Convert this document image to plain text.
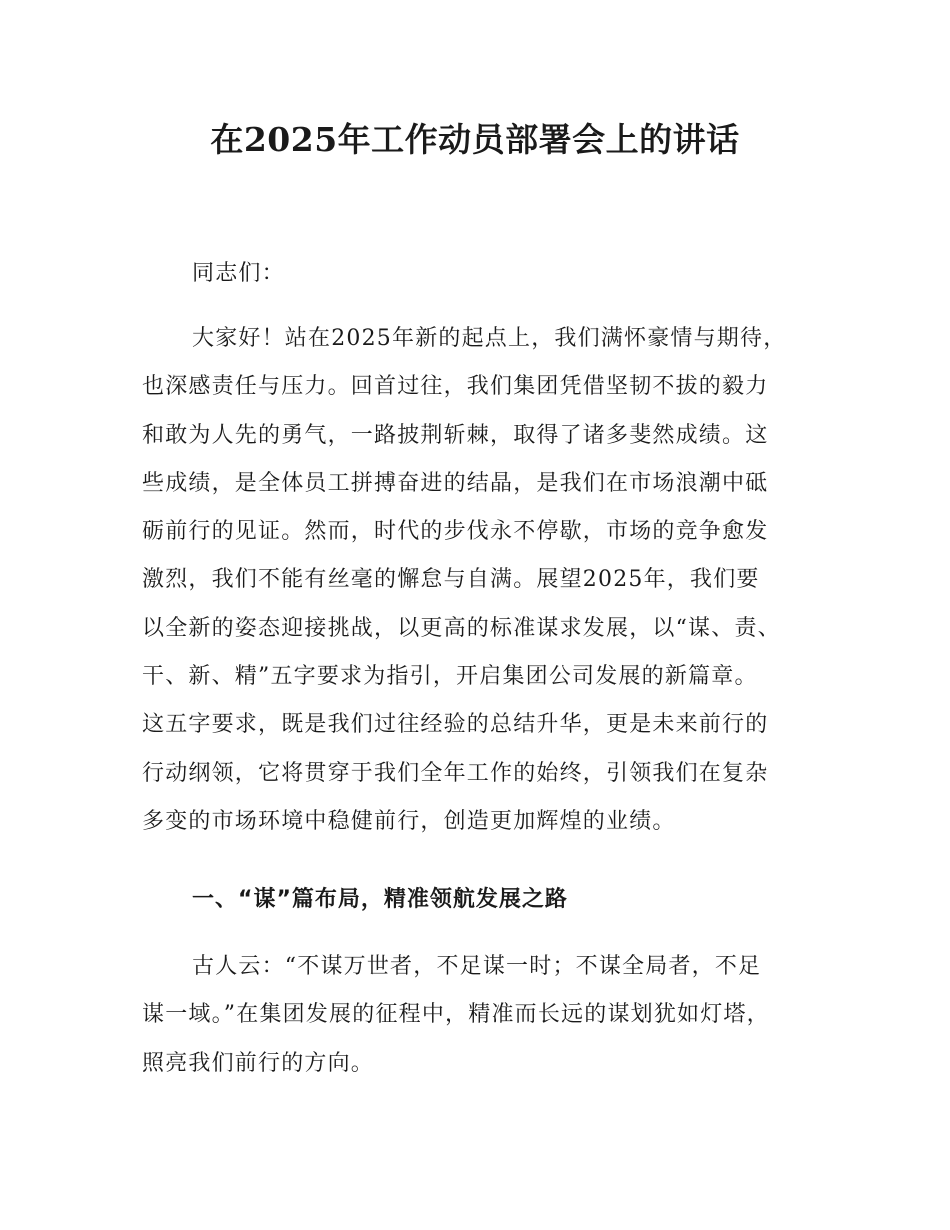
在2025年工作动员部署会上的讲话

同志们：

大家好！站在2025年新的起点上，我们满怀豪情与期待，
也深感责任与压力。回首过往，我们集团凭借坚韧不拔的毅力
和敢为人先的勇气，一路披荆斩棘，取得了诸多斐然成绩。这
些成绩，是全体员工拼搏奋进的结晶，是我们在市场浪潮中砥
砺前行的见证。然而，时代的步伐永不停歇，市场的竞争愈发
激烈，我们不能有丝毫的懈怠与自满。展望2025年，我们要
以全新的姿态迎接挑战，以更高的标准谋求发展，以“谋、责、
干、新、精”五字要求为指引，开启集团公司发展的新篇章。
这五字要求，既是我们过往经验的总结升华，更是未来前行的
行动纲领，它将贯穿于我们全年工作的始终，引领我们在复杂
多变的市场环境中稳健前行，创造更加辉煌的业绩。
一、“谋”篇布局，精准领航发展之路
古人云：“不谋万世者，不足谋一时；不谋全局者，不足
谋一域。”在集团发展的征程中，精准而长远的谋划犹如灯塔，
照亮我们前行的方向。
